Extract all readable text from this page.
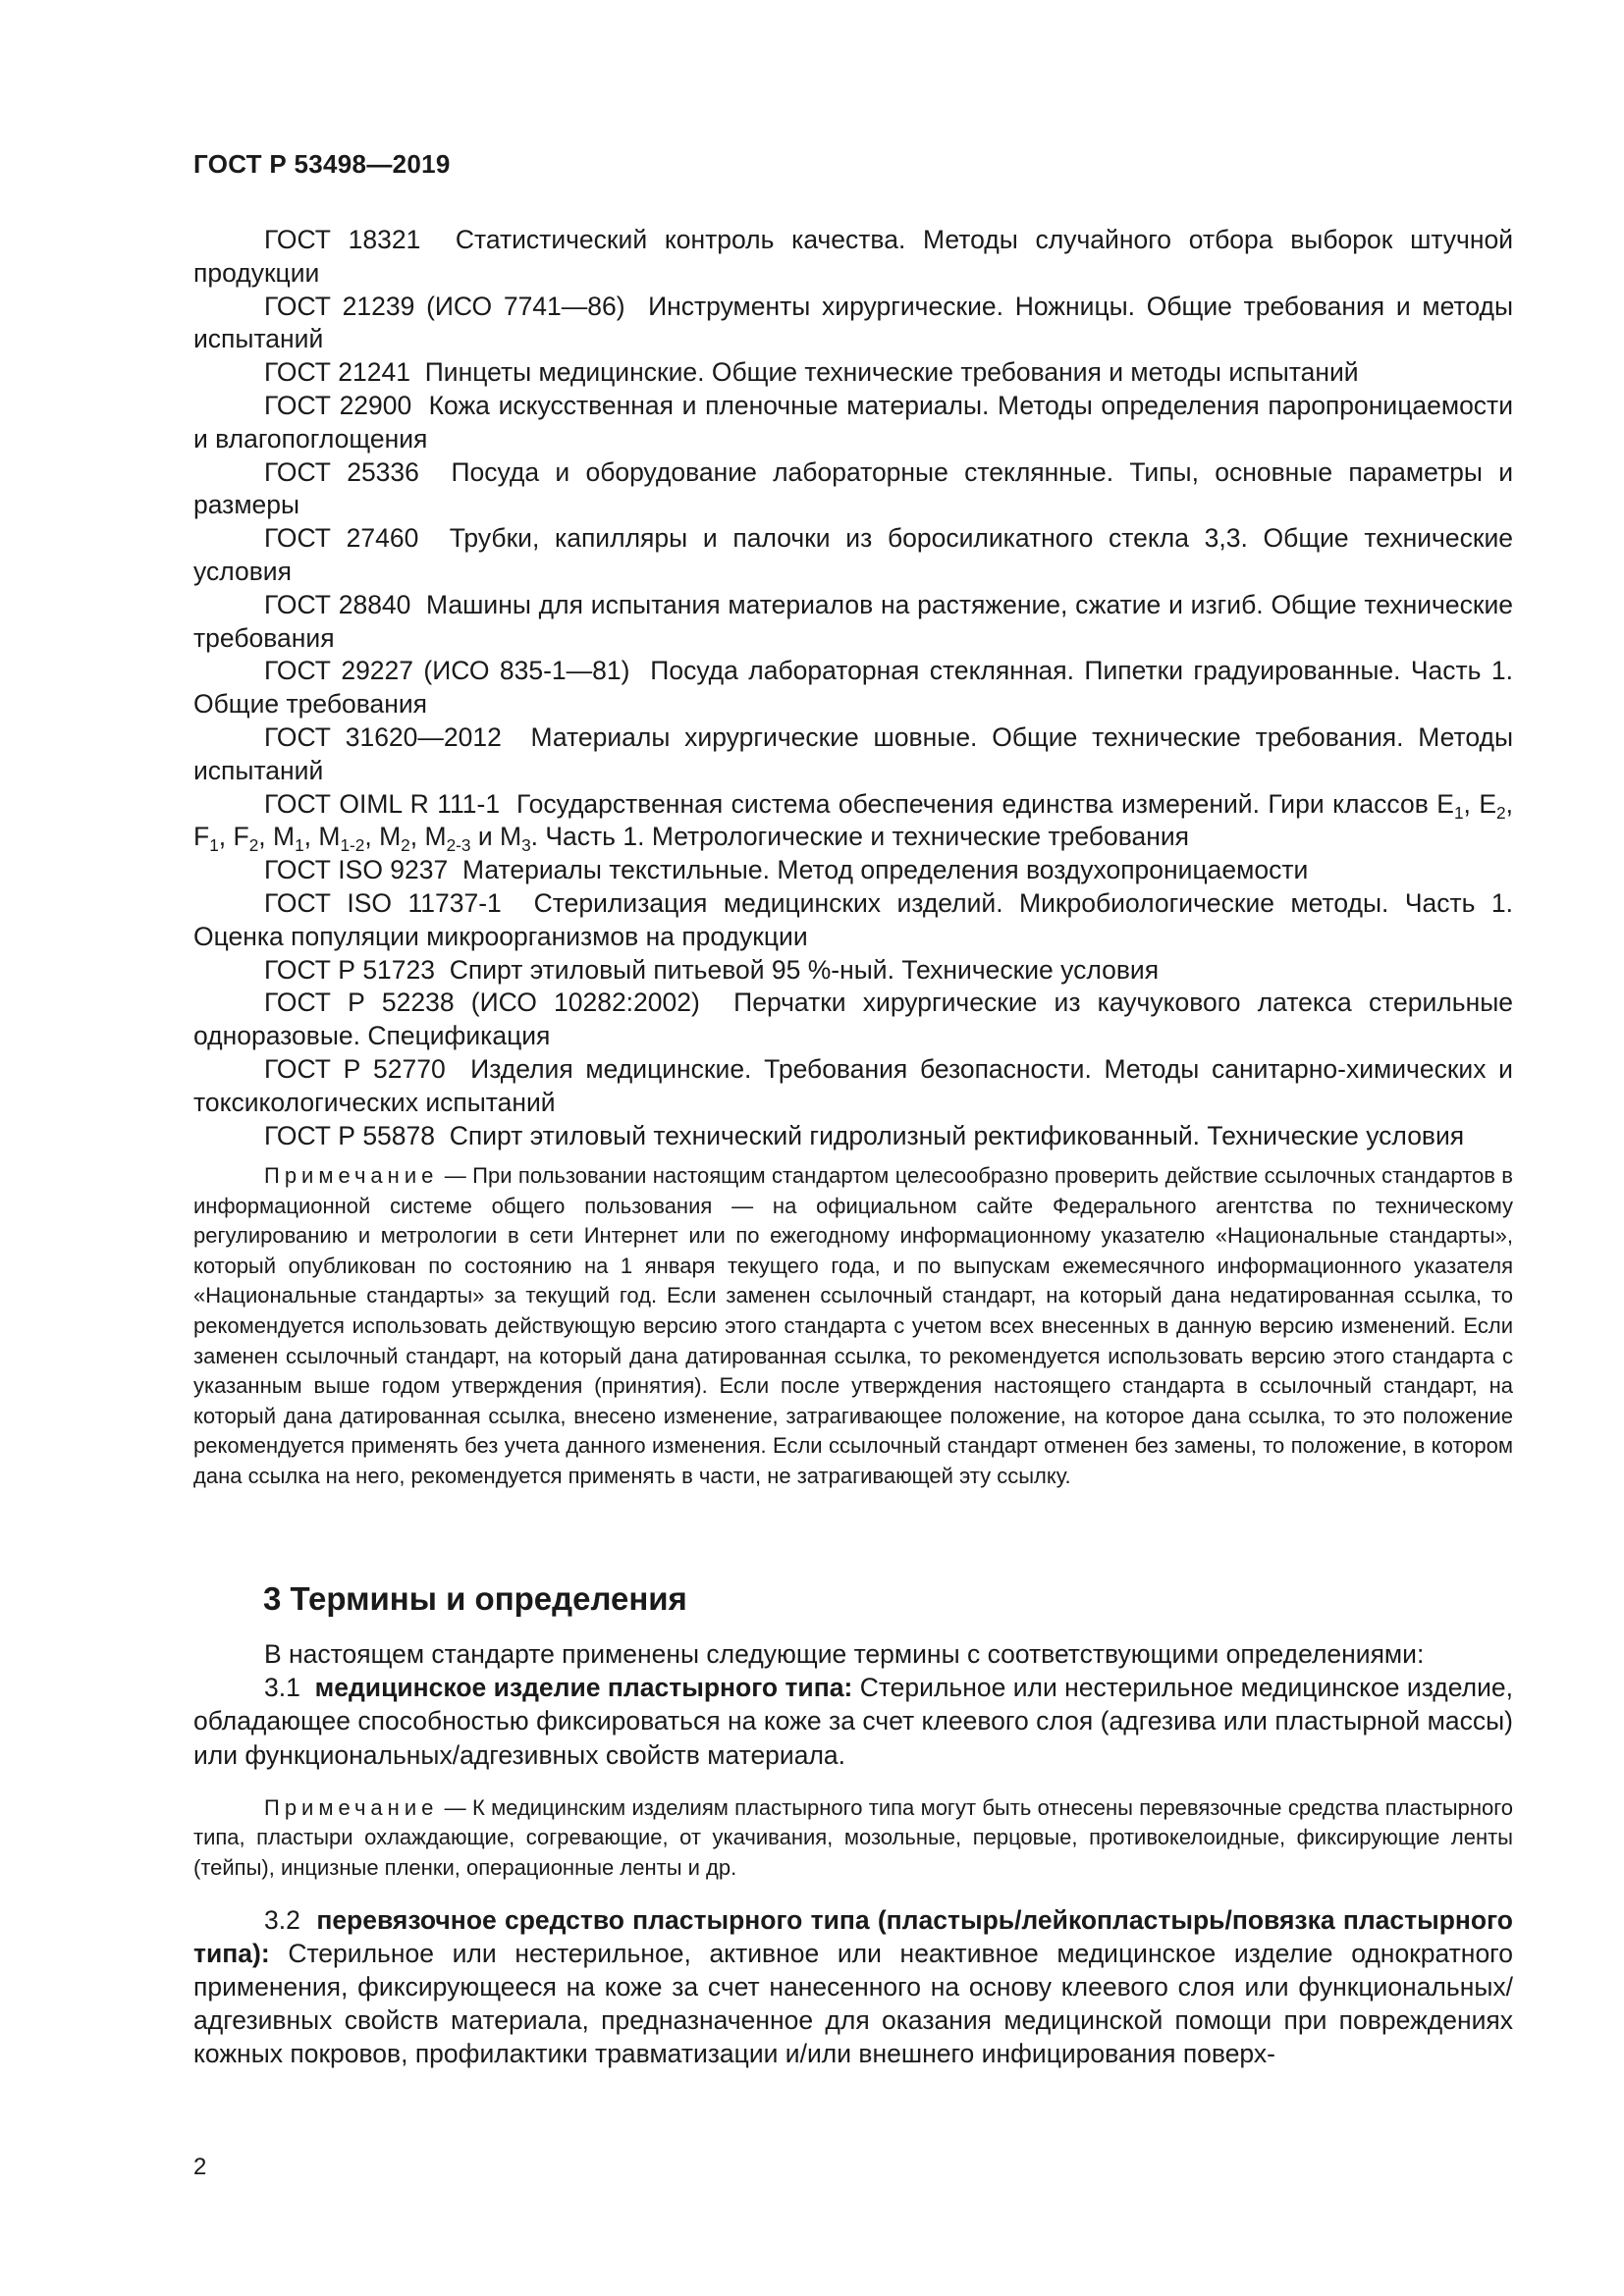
ГОСТ Р 53498—2019

ГОСТ 18321 Статистический контроль качества. Методы случайного отбора выборок штучной продукции

ГОСТ 21239 (ИСО 7741—86) Инструменты хирургические. Ножницы. Общие требования и методы испытаний

ГОСТ 21241 Пинцеты медицинские. Общие технические требования и методы испытаний

ГОСТ 22900 Кожа искусственная и пленочные материалы. Методы определения паропроницаемости и влагопоглощения

ГОСТ 25336 Посуда и оборудование лабораторные стеклянные. Типы, основные параметры и размеры

ГОСТ 27460 Трубки, капилляры и палочки из боросиликатного стекла 3,3. Общие технические условия

ГОСТ 28840 Машины для испытания материалов на растяжение, сжатие и изгиб. Общие технические требования

ГОСТ 29227 (ИСО 835-1—81) Посуда лабораторная стеклянная. Пипетки градуированные. Часть 1. Общие требования

ГОСТ 31620—2012 Материалы хирургические шовные. Общие технические требования. Методы испытаний

ГОСТ OIML R 111-1 Государственная система обеспечения единства измерений. Гири классов $E_1$, $E_2$, $F_1$, $F_2$, $M_1$, $M_{1-2}$, $M_2$, $M_{2-3}$ и $M_3$. Часть 1. Метрологические и технические требования

ГОСТ ISO 9237 Материалы текстильные. Метод определения воздухопроницаемости

ГОСТ ISO 11737-1 Стерилизация медицинских изделий. Микробиологические методы. Часть 1. Оценка популяции микроорганизмов на продукции

ГОСТ Р 51723 Спирт этиловый питьевой 95 %-ный. Технические условия

ГОСТ Р 52238 (ИСО 10282:2002) Перчатки хирургические из каучукового латекса стерильные одноразовые. Спецификация

ГОСТ Р 52770 Изделия медицинские. Требования безопасности. Методы санитарно-химических и токсикологических испытаний

ГОСТ Р 55878 Спирт этиловый технический гидролизный ректификованный. Технические условия

Примечание — При пользовании настоящим стандартом целесообразно проверить действие ссылочных стандартов в информационной системе общего пользования — на официальном сайте Федерального агентства по техническому регулированию и метрологии в сети Интернет или по ежегодному информационному указателю «Национальные стандарты», который опубликован по состоянию на 1 января текущего года, и по выпускам ежемесячного информационного указателя «Национальные стандарты» за текущий год. Если заменен ссылочный стандарт, на который дана недатированная ссылка, то рекомендуется использовать действующую версию этого стандарта с учетом всех внесенных в данную версию изменений. Если заменен ссылочный стандарт, на который дана датированная ссылка, то рекомендуется использовать версию этого стандарта с указанным выше годом утверждения (принятия). Если после утверждения настоящего стандарта в ссылочный стандарт, на который дана датированная ссылка, внесено изменение, затрагивающее положение, на которое дана ссылка, то это положение рекомендуется применять без учета данного изменения. Если ссылочный стандарт отменен без замены, то положение, в котором дана ссылка на него, рекомендуется применять в части, не затрагивающей эту ссылку.

3 Термины и определения

В настоящем стандарте применены следующие термины с соответствующими определениями:

3.1 медицинское изделие пластырного типа: Стерильное или нестерильное медицинское изделие, обладающее способностью фиксироваться на коже за счет клеевого слоя (адгезива или пластырной массы) или функциональных/адгезивных свойств материала.

Примечание — К медицинским изделиям пластырного типа могут быть отнесены перевязочные средства пластырного типа, пластыри охлаждающие, согревающие, от укачивания, мозольные, перцовые, противокелоидные, фиксирующие ленты (тейпы), инцизные пленки, операционные ленты и др.

3.2 перевязочное средство пластырного типа (пластырь/лейкопластырь/повязка пластырного типа): Стерильное или нестерильное, активное или неактивное медицинское изделие однократного применения, фиксирующееся на коже за счет нанесенного на основу клеевого слоя или функциональных/адгезивных свойств материала, предназначенное для оказания медицинской помощи при повреждениях кожных покровов, профилактики травматизации и/или внешнего инфицирования поверх-

2
